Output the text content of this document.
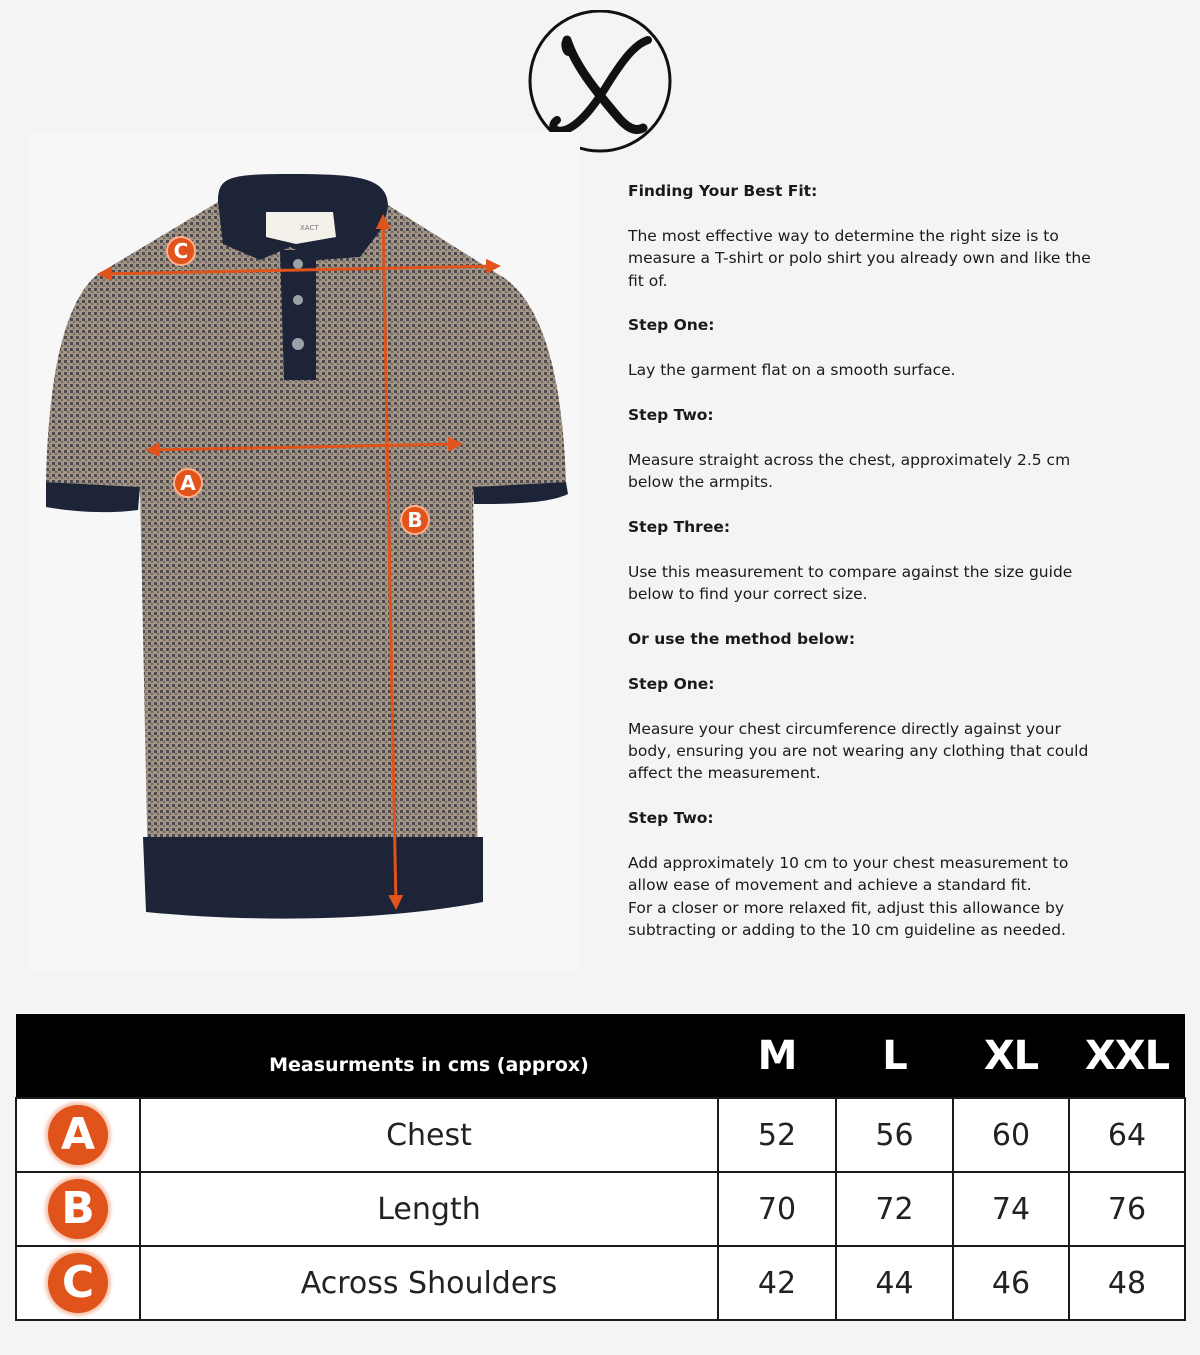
XACT
C
A
B

Finding Your Best Fit:

The most effective way to determine the right size is to
measure a T-shirt or polo shirt you already own and like the
fit of.

Step One:

Lay the garment flat on a smooth surface.

Step Two:

Measure straight across the chest, approximately 2.5 cm
below the armpits.

Step Three:

Use this measurement to compare against the size guide
below to find your correct size.

Or use the method below:

Step One:

Measure your chest circumference directly against your
body, ensuring you are not wearing any clothing that could
affect the measurement.

Step Two:

Add approximately 10 cm to your chest measurement to
allow ease of movement and achieve a standard fit.
For a closer or more relaxed fit, adjust this allowance by
subtracting or adding to the 10 cm guideline as needed.

	Measurments in cms (approx)	M	L	XL	XXL
A	Chest	52	56	60	64
B	Length	70	72	74	76
C	Across Shoulders	42	44	46	48
